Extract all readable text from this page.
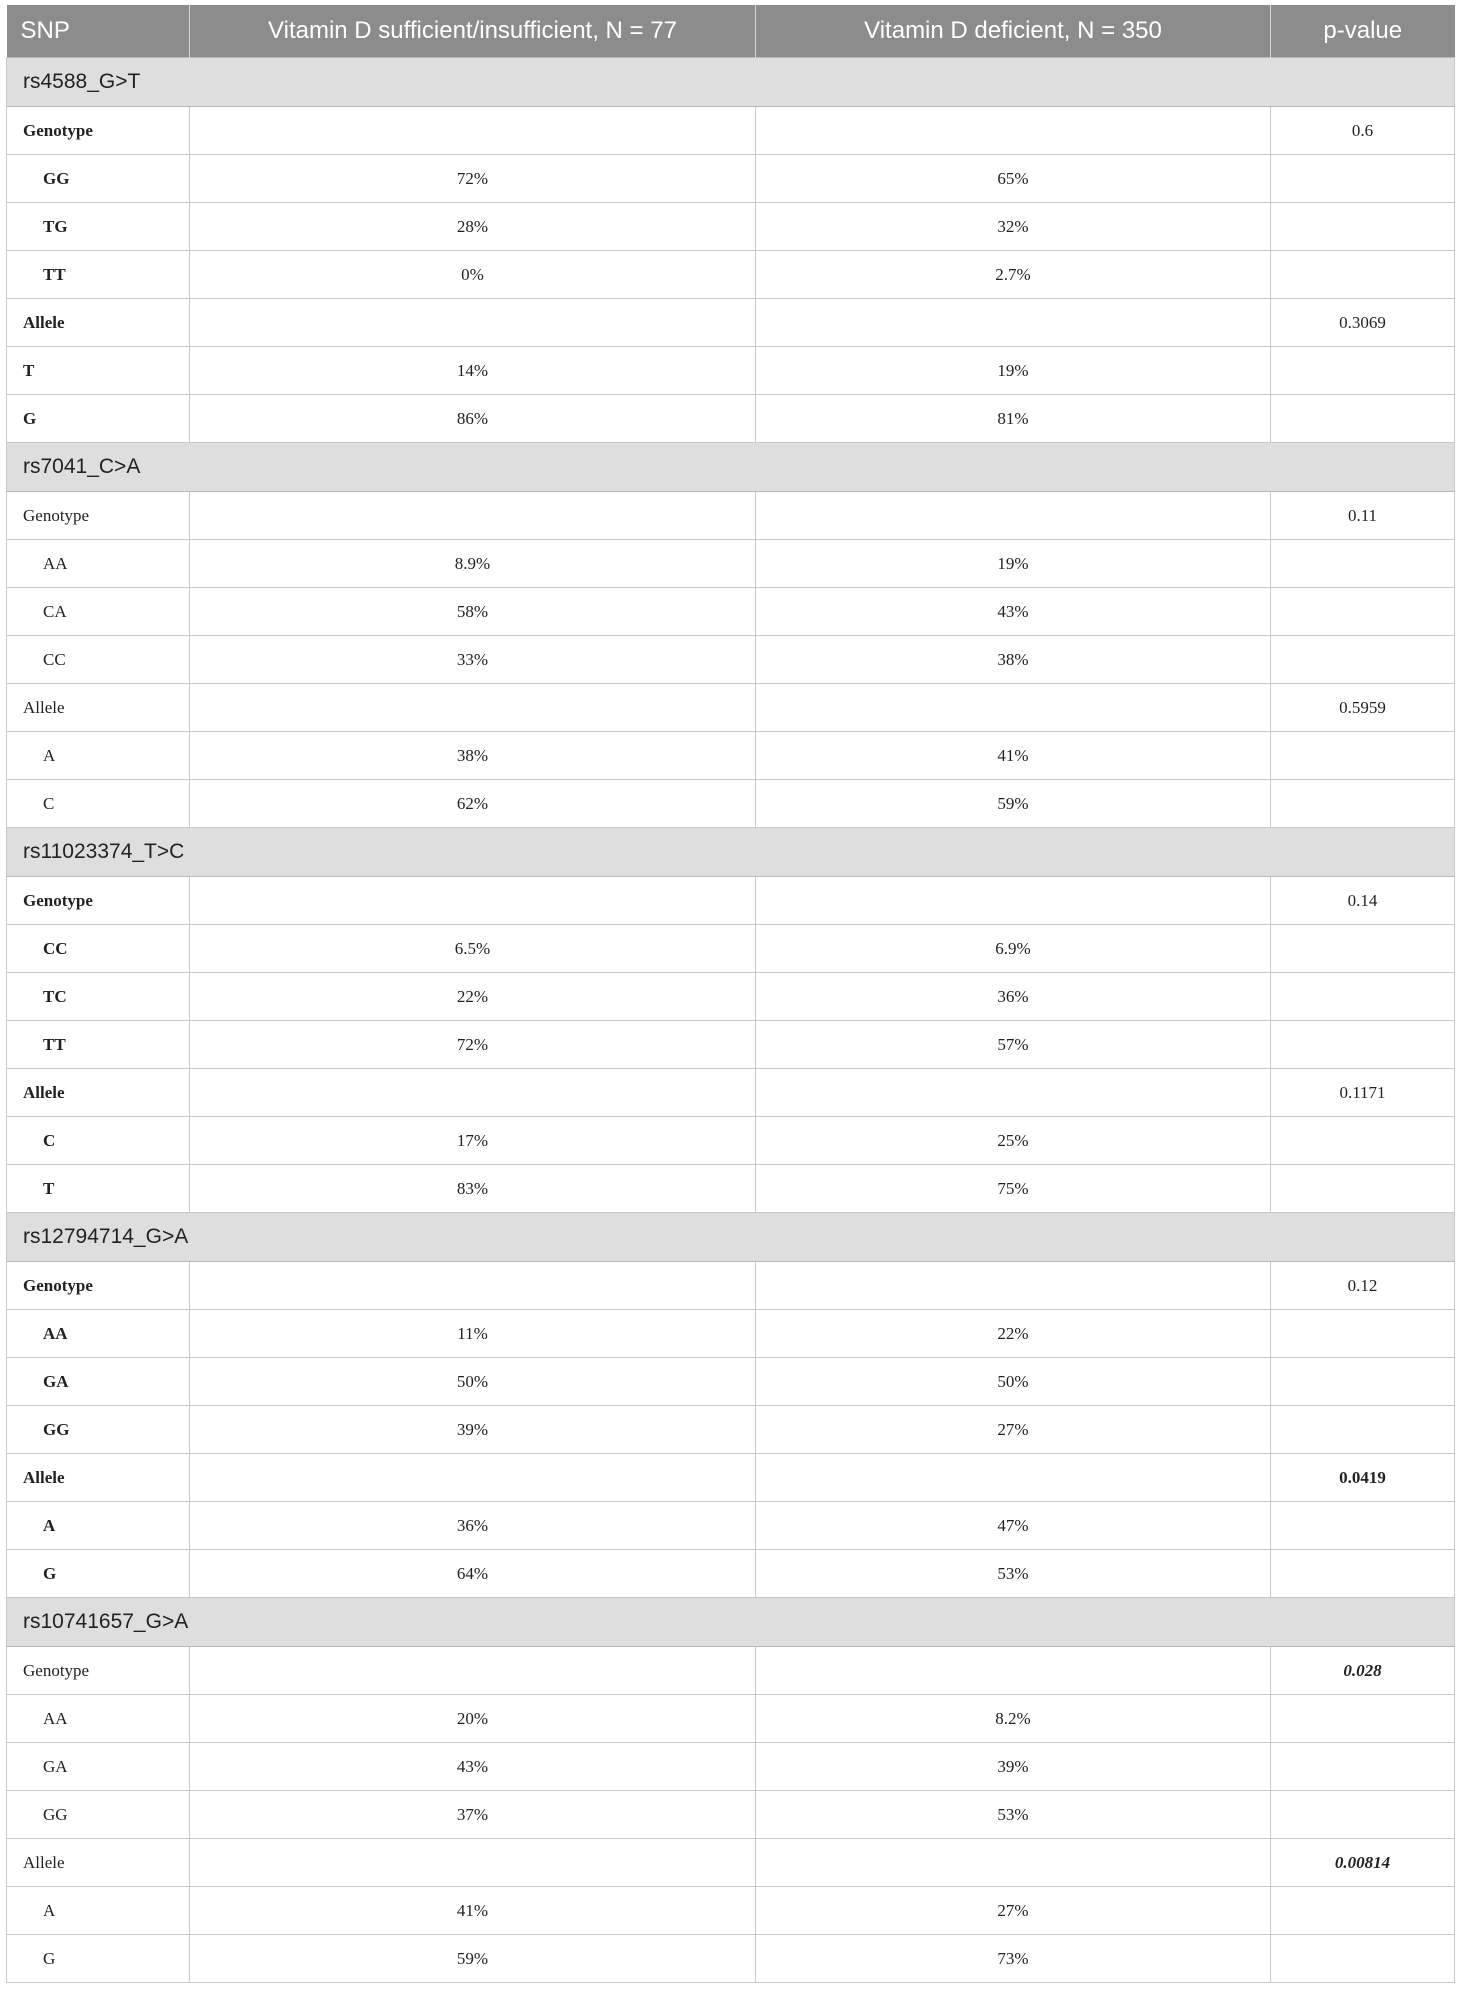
SNP	Vitamin D sufficient/insufficient, N = 77	Vitamin D deficient, N = 350	p-value
rs4588_G>T			
Genotype			0.6
GG	72%	65%	
TG	28%	32%	
TT	0%	2.7%	
Allele			0.3069
T	14%	19%	
G	86%	81%	
rs7041_C>A			
Genotype			0.11
AA	8.9%	19%	
CA	58%	43%	
CC	33%	38%	
Allele			0.5959
A	38%	41%	
C	62%	59%	
rs11023374_T>C			
Genotype			0.14
CC	6.5%	6.9%	
TC	22%	36%	
TT	72%	57%	
Allele			0.1171
C	17%	25%	
T	83%	75%	
rs12794714_G>A			
Genotype			0.12
AA	11%	22%	
GA	50%	50%	
GG	39%	27%	
Allele			0.0419
A	36%	47%	
G	64%	53%	
rs10741657_G>A			
Genotype			0.028
AA	20%	8.2%	
GA	43%	39%	
GG	37%	53%	
Allele			0.00814
A	41%	27%	
G	59%	73%	
